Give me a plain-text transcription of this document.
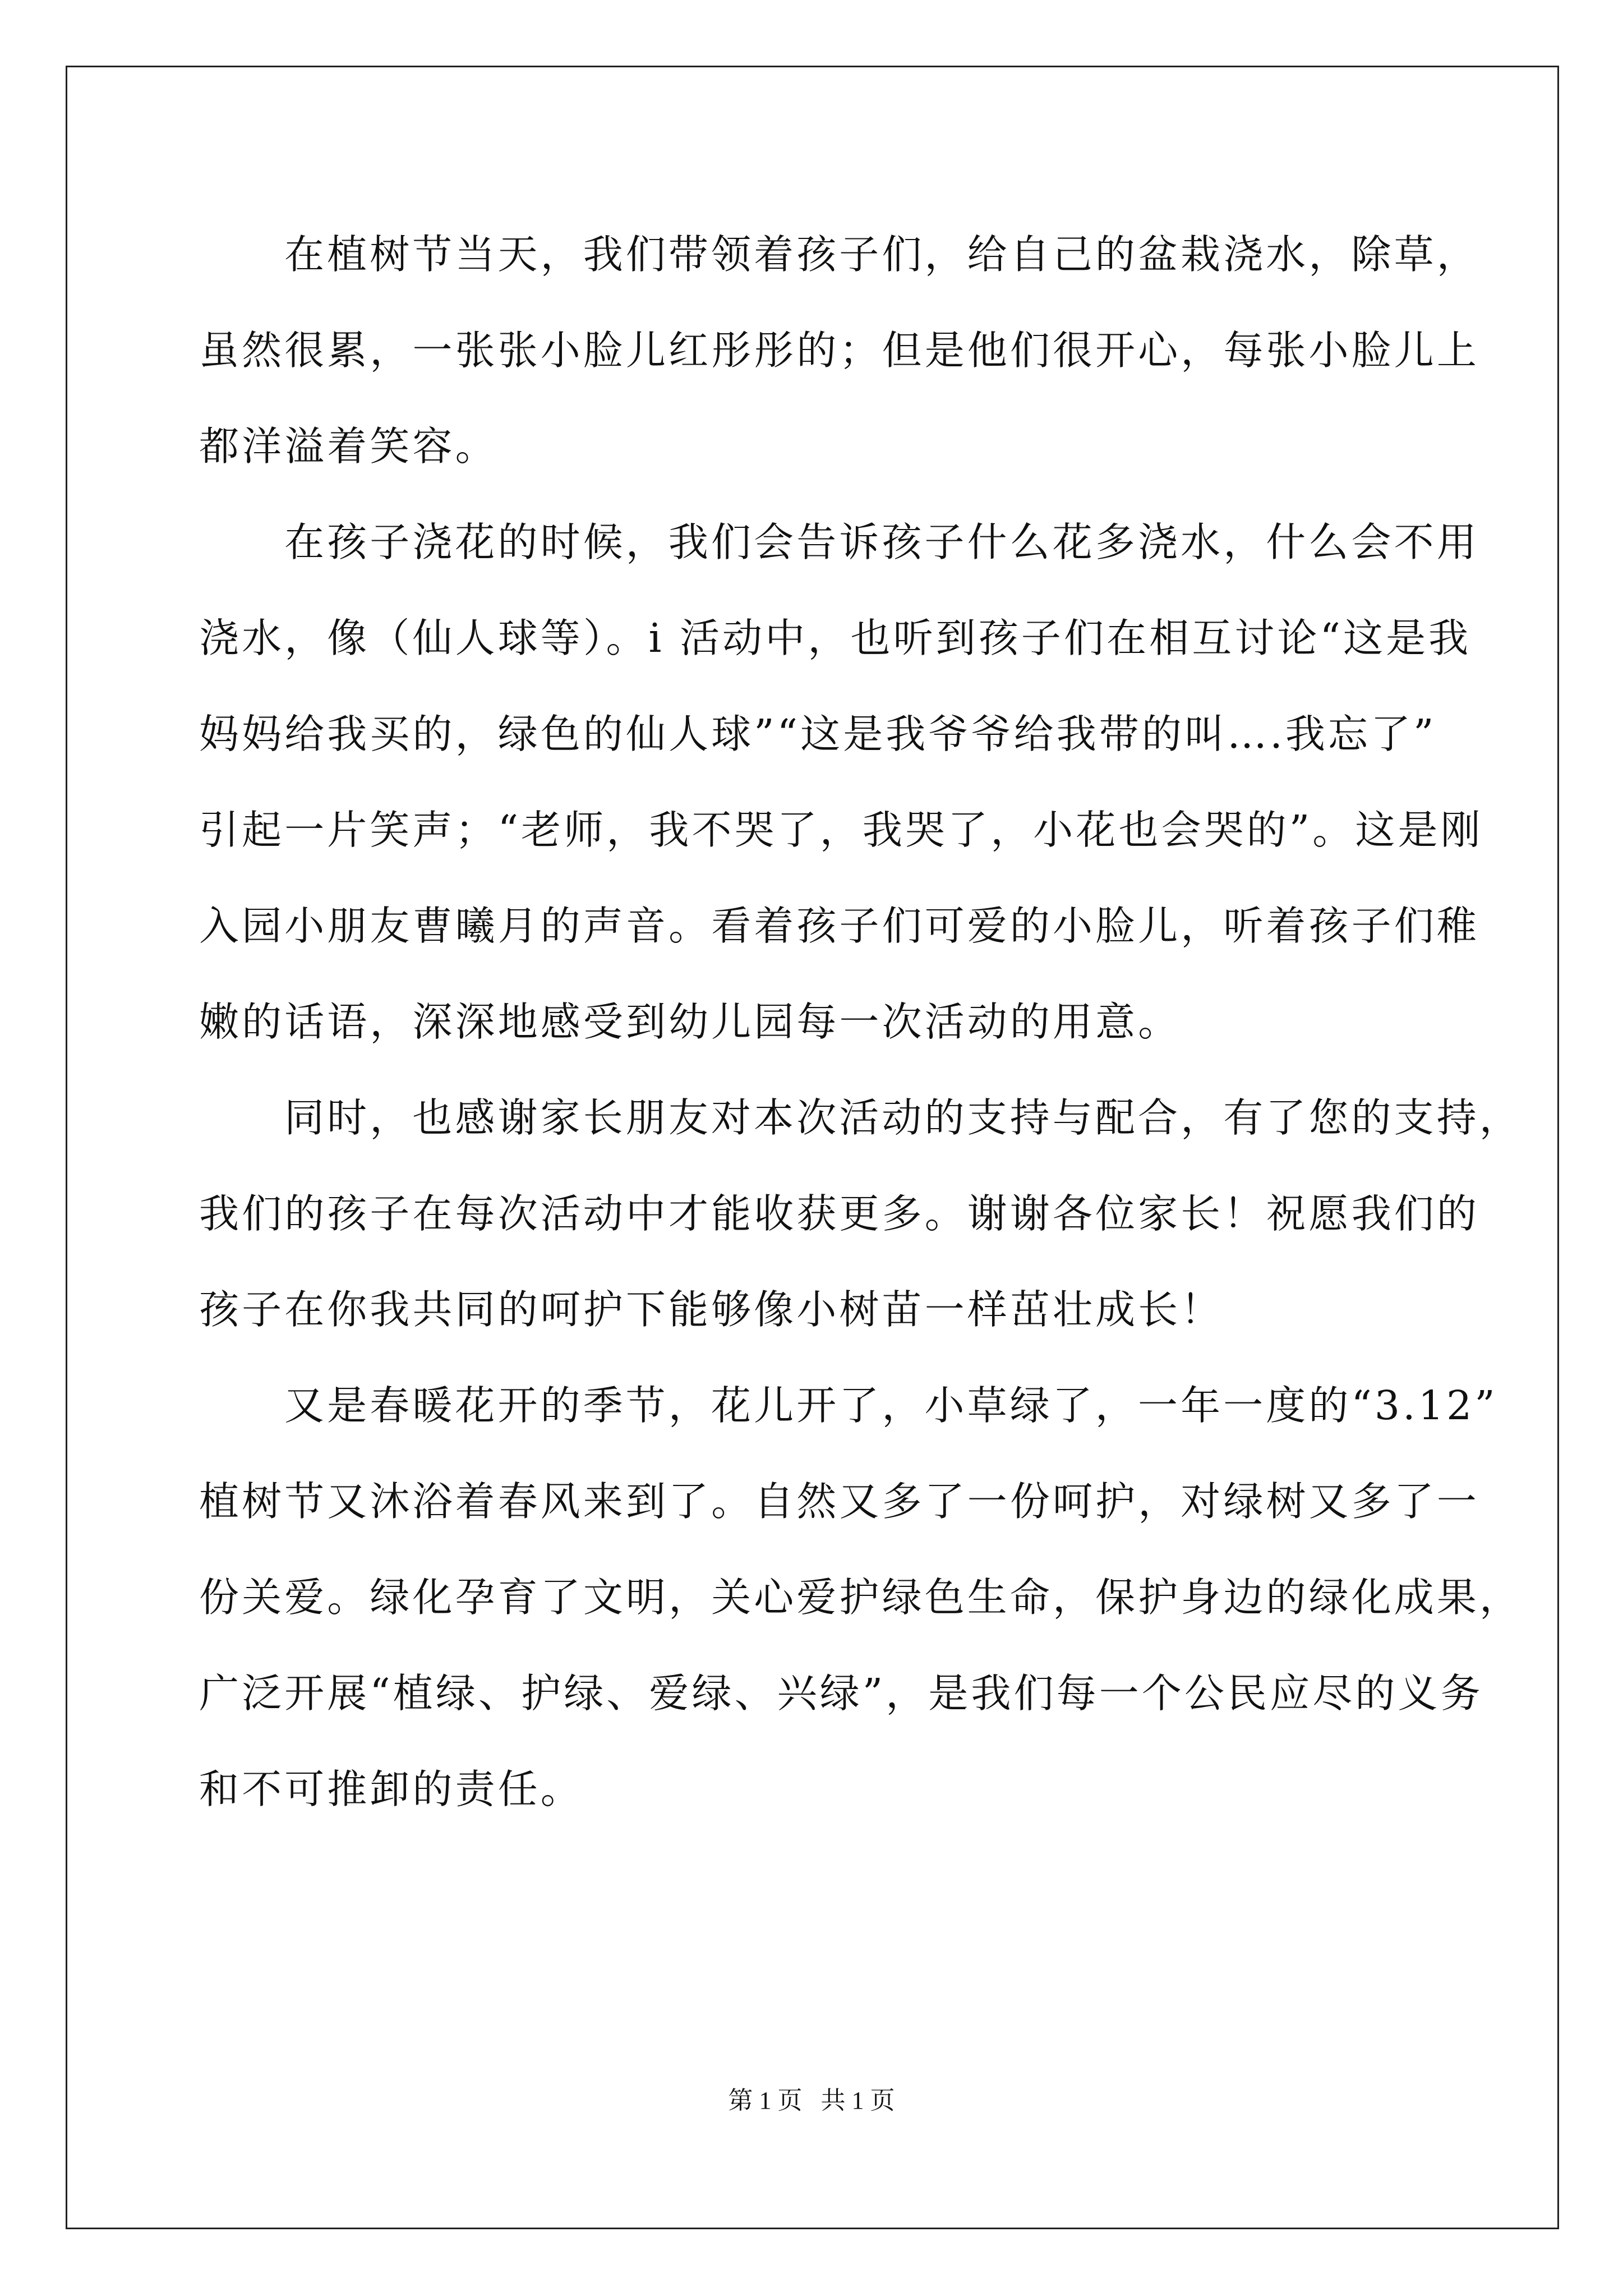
在植树节当天，我们带领着孩子们，给自己的盆栽浇水，除草，
虽然很累，一张张小脸儿红彤彤的；但是他们很开心，每张小脸儿上
都洋溢着笑容。
在孩子浇花的时候，我们会告诉孩子什么花多浇水，什么会不用
浇水，像（仙人球等）。i 活动中，也听到孩子们在相互讨论“这是我
妈妈给我买的，绿色的仙人球”“这是我爷爷给我带的叫….我忘了”
引起一片笑声；“老师，我不哭了，我哭了，小花也会哭的”。这是刚
入园小朋友曹曦月的声音。看着孩子们可爱的小脸儿，听着孩子们稚
嫩的话语，深深地感受到幼儿园每一次活动的用意。
同时，也感谢家长朋友对本次活动的支持与配合，有了您的支持，
我们的孩子在每次活动中才能收获更多。谢谢各位家长！祝愿我们的
孩子在你我共同的呵护下能够像小树苗一样茁壮成长！
又是春暖花开的季节，花儿开了，小草绿了，一年一度的“3.12”
植树节又沐浴着春风来到了。自然又多了一份呵护，对绿树又多了一
份关爱。绿化孕育了文明，关心爱护绿色生命，保护身边的绿化成果，
广泛开展“植绿、护绿、爱绿、兴绿”，是我们每一个公民应尽的义务
和不可推卸的责任。
第 1 页   共 1 页
